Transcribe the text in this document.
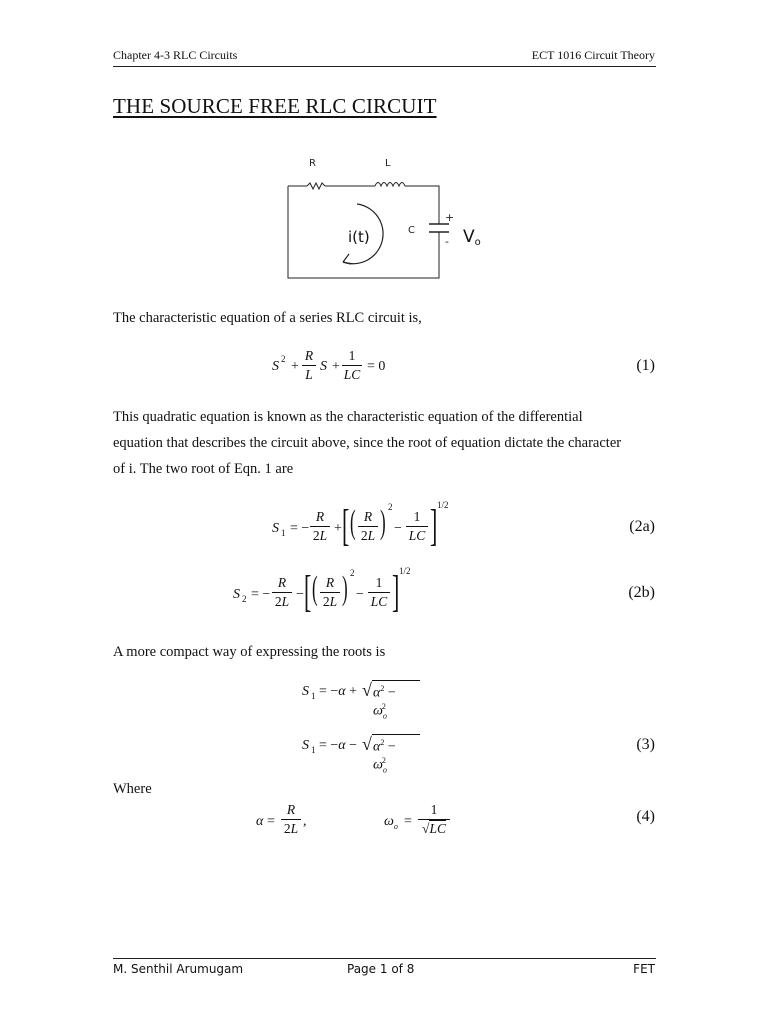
Chapter 4-3 RLC Circuits	ECT 1016 Circuit Theory
THE SOURCE FREE RLC CIRCUIT
R	L
C
i(t)
+
- Vo
The characteristic equation of a series RLC circuit is,
S 2 +
R
L
S +
1
LC
= 0	(1)

This quadratic equation is known as the characteristic equation of the differential

equation that describes the circuit above, since the root of equation dictate the character

of i. The two root of Eqn. 1 are

S 1 = −
R
2L + [ ( R
2L ) 2
−
1
LC ] 1/2
(2a)
S 2 = −
R
2L − [ ( R
2L ) 2
−
1
LC ] 1/2
(2b)
A more compact way of expressing the roots is
S 1 = −α + √ $\alpha^2 - \omega_o^2$
S 1 = −α − √ $\alpha^2 - \omega_o^2$
(3)
Where
α =
R
2L ,	$\omega_o$ =
1
√LC
(4)
M. Senthil Arumugam	Page 1 of 8	FET
